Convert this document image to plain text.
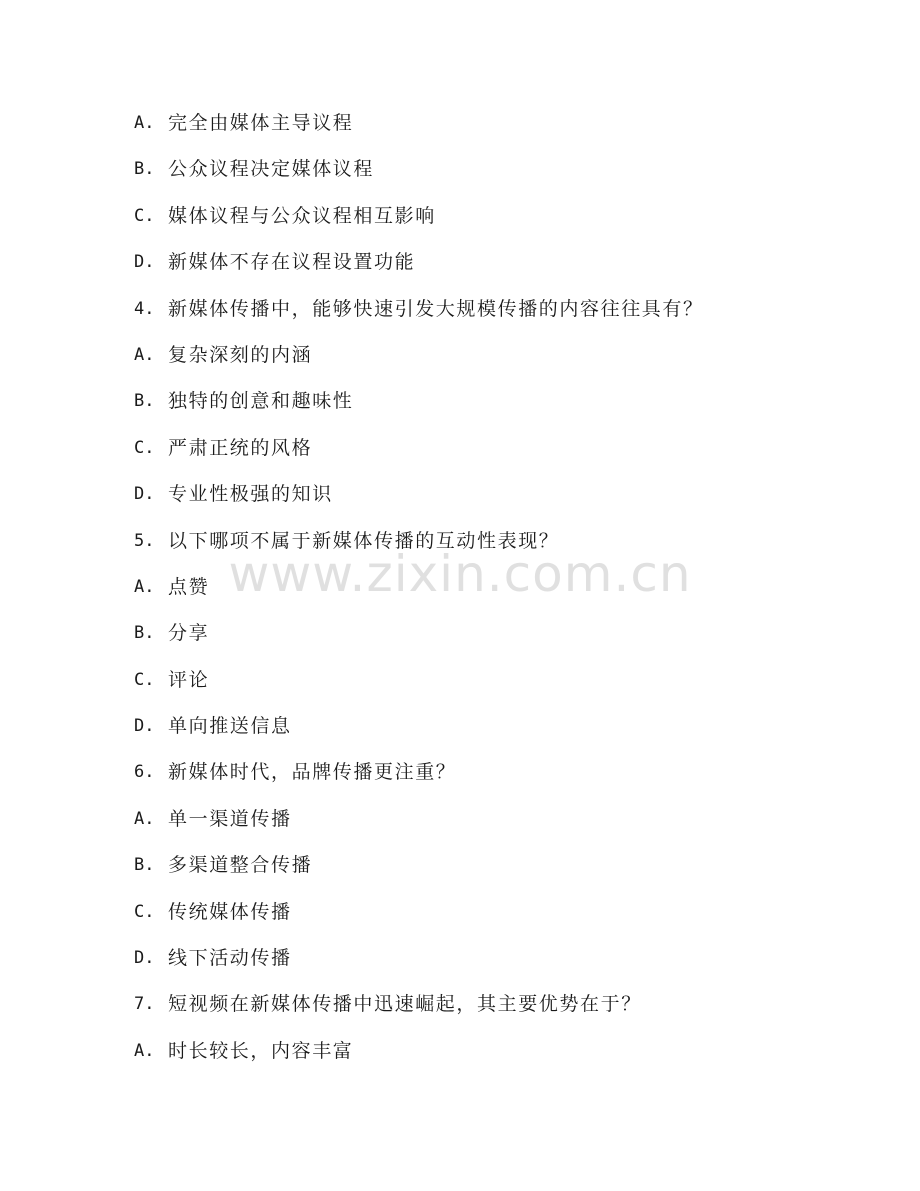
A. 完全由媒体主导议程
B. 公众议程决定媒体议程
C. 媒体议程与公众议程相互影响
D. 新媒体不存在议程设置功能
4. 新媒体传播中，能够快速引发大规模传播的内容往往具有？
A. 复杂深刻的内涵
B. 独特的创意和趣味性
C. 严肃正统的风格
D. 专业性极强的知识
5. 以下哪项不属于新媒体传播的互动性表现？
A. 点赞
B. 分享
C. 评论
D. 单向推送信息
6. 新媒体时代，品牌传播更注重？
A. 单一渠道传播
B. 多渠道整合传播
C. 传统媒体传播
D. 线下活动传播
7. 短视频在新媒体传播中迅速崛起，其主要优势在于？
A. 时长较长，内容丰富
www.zixin.com.cn
